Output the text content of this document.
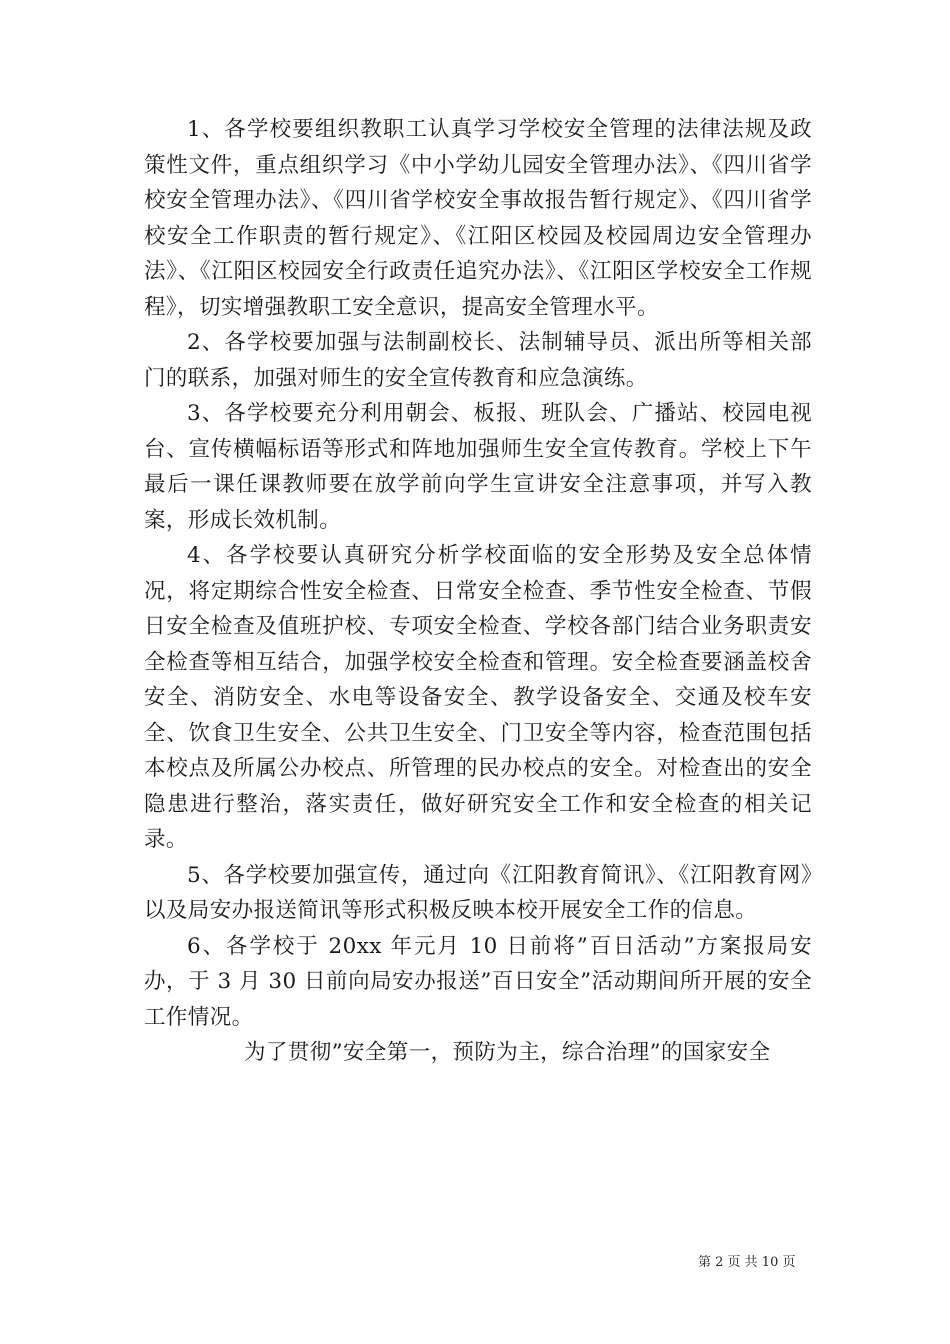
1、各学校要组织教职工认真学习学校安全管理的法律法规及政策性文件，重点组织学习《中小学幼儿园安全管理办法》、《四川省学校安全管理办法》、《四川省学校安全事故报告暂行规定》、《四川省学校安全工作职责的暂行规定》、《江阳区校园及校园周边安全管理办法》、《江阳区校园安全行政责任追究办法》、《江阳区学校安全工作规程》，切实增强教职工安全意识，提高安全管理水平。

2、各学校要加强与法制副校长、法制辅导员、派出所等相关部门的联系，加强对师生的安全宣传教育和应急演练。

3、各学校要充分利用朝会、板报、班队会、广播站、校园电视台、宣传横幅标语等形式和阵地加强师生安全宣传教育。学校上下午最后一课任课教师要在放学前向学生宣讲安全注意事项，并写入教案，形成长效机制。

4、各学校要认真研究分析学校面临的安全形势及安全总体情况，将定期综合性安全检查、日常安全检查、季节性安全检查、节假日安全检查及值班护校、专项安全检查、学校各部门结合业务职责安全检查等相互结合，加强学校安全检查和管理。安全检查要涵盖校舍安全、消防安全、水电等设备安全、教学设备安全、交通及校车安全、饮食卫生安全、公共卫生安全、门卫安全等内容，检查范围包括本校点及所属公办校点、所管理的民办校点的安全。对检查出的安全隐患进行整治，落实责任，做好研究安全工作和安全检查的相关记录。

5、各学校要加强宣传，通过向《江阳教育简讯》、《江阳教育网》以及局安办报送简讯等形式积极反映本校开展安全工作的信息。

6、各学校于 20xx 年元月 10 日前将”百日活动”方案报局安办，于 3 月 30 日前向局安办报送”百日安全”活动期间所开展的安全工作情况。

为了贯彻”安全第一，预防为主，综合治理”的国家安全

第 2 页 共 10 页
